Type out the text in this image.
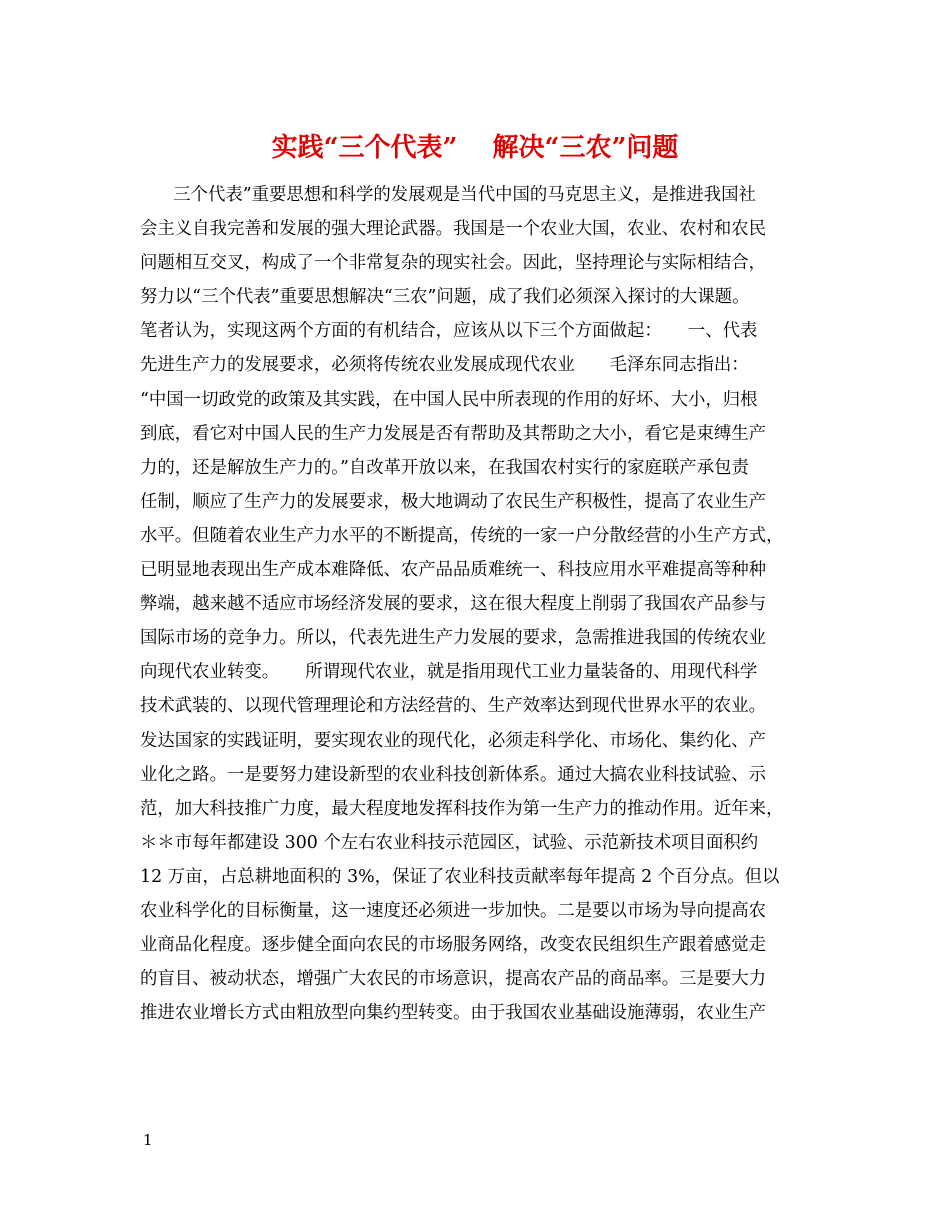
实践“三个代表”　 解决“三农”问题
三个代表”重要思想和科学的发展观是当代中国的马克思主义，是推进我国社
会主义自我完善和发展的强大理论武器。我国是一个农业大国，农业、农村和农民
问题相互交叉，构成了一个非常复杂的现实社会。因此，坚持理论与实际相结合，
努力以“三个代表”重要思想解决“三农”问题，成了我们必须深入探讨的大课题。
笔者认为，实现这两个方面的有机结合，应该从以下三个方面做起：　　一、代表
先进生产力的发展要求，必须将传统农业发展成现代农业　　毛泽东同志指出：
“中国一切政党的政策及其实践，在中国人民中所表现的作用的好坏、大小，归根
到底，看它对中国人民的生产力发展是否有帮助及其帮助之大小，看它是束缚生产
力的，还是解放生产力的。”自改革开放以来，在我国农村实行的家庭联产承包责
任制，顺应了生产力的发展要求，极大地调动了农民生产积极性，提高了农业生产
水平。但随着农业生产力水平的不断提高，传统的一家一户分散经营的小生产方式，
已明显地表现出生产成本难降低、农产品品质难统一、科技应用水平难提高等种种
弊端，越来越不适应市场经济发展的要求，这在很大程度上削弱了我国农产品参与
国际市场的竞争力。所以，代表先进生产力发展的要求，急需推进我国的传统农业
向现代农业转变。　　所谓现代农业，就是指用现代工业力量装备的、用现代科学
技术武装的、以现代管理理论和方法经营的、生产效率达到现代世界水平的农业。
发达国家的实践证明，要实现农业的现代化，必须走科学化、市场化、集约化、产
业化之路。一是要努力建设新型的农业科技创新体系。通过大搞农业科技试验、示
范，加大科技推广力度，最大程度地发挥科技作为第一生产力的推动作用。近年来，
＊＊市每年都建设 300 个左右农业科技示范园区，试验、示范新技术项目面积约
12 万亩，占总耕地面积的 3%，保证了农业科技贡献率每年提高 2 个百分点。但以
农业科学化的目标衡量，这一速度还必须进一步加快。二是要以市场为导向提高农
业商品化程度。逐步健全面向农民的市场服务网络，改变农民组织生产跟着感觉走
的盲目、被动状态，增强广大农民的市场意识，提高农产品的商品率。三是要大力
推进农业增长方式由粗放型向集约型转变。由于我国农业基础设施薄弱，农业生产
1
